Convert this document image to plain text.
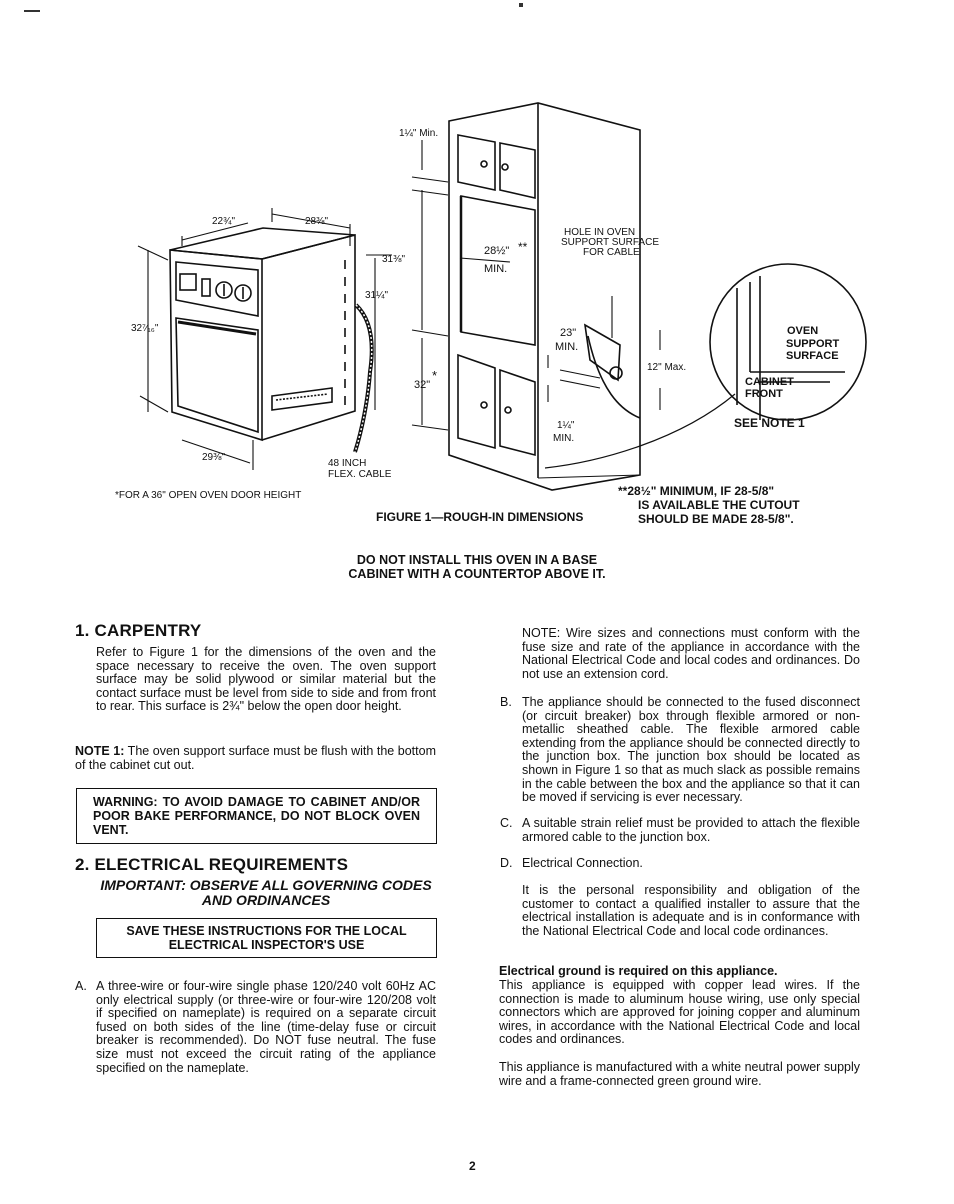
1¼" Min.
22¾"	28⅜"
31⅜"
31¼"
32⁷⁄₁₆"
29⅜"
28½" **
MIN.
23"
MIN.
32"
*
12" Max.
1¼"
MIN.
HOLE IN OVEN
SUPPORT SURFACE
FOR CABLE
OVEN
SUPPORT
SURFACE
CABINET
FRONT
SEE NOTE 1
48 INCH
FLEX. CABLE
*FOR A 36" OPEN OVEN DOOR HEIGHT	**28½" MINIMUM, IF 28-5/8"
IS AVAILABLE THE CUTOUT
SHOULD BE MADE 28-5/8".
FIGURE 1—ROUGH-IN DIMENSIONS
DO NOT INSTALL THIS OVEN IN A BASE
CABINET WITH A COUNTERTOP ABOVE IT.
1. CARPENTRY
Refer to Figure 1 for the dimensions of the oven and the space necessary to receive the oven. The oven support surface may be solid plywood or similar material but the contact surface must be level from side to side and from front to rear. This surface is 2¾" below the open door height.
NOTE 1: The oven support surface must be flush with the bottom of the cabinet cut out.
WARNING: TO AVOID DAMAGE TO CABINET AND/OR POOR BAKE PERFORMANCE, DO NOT BLOCK OVEN VENT.
2. ELECTRICAL REQUIREMENTS
IMPORTANT: OBSERVE ALL GOVERNING CODES
AND ORDINANCES
SAVE THESE INSTRUCTIONS FOR THE LOCAL ELECTRICAL INSPECTOR'S USE
A. A three-wire or four-wire single phase 120/240 volt 60Hz AC only electrical supply (or three-wire or four-wire 120/208 volt if specified on nameplate) is required on a separate circuit fused on both sides of the line (time-delay fuse or circuit breaker is recommended). Do NOT fuse neutral. The fuse size must not exceed the circuit rating of the appliance specified on the nameplate.
NOTE: Wire sizes and connections must conform with the fuse size and rate of the appliance in accordance with the National Electrical Code and local codes and ordinances. Do not use an extension cord.
B. The appliance should be connected to the fused disconnect (or circuit breaker) box through flexible armored or non-metallic sheathed cable. The flexible armored cable extending from the appliance should be connected directly to the junction box. The junction box should be located as shown in Figure 1 so that as much slack as possible remains in the cable between the box and the appliance so that it can be moved if servicing is ever necessary.
C. A suitable strain relief must be provided to attach the flexible armored cable to the junction box.
D. Electrical Connection.
It is the personal responsibility and obligation of the customer to contact a qualified installer to assure that the electrical installation is adequate and is in conformance with the National Electrical Code and local code ordinances.
Electrical ground is required on this appliance.
This appliance is equipped with copper lead wires. If the connection is made to aluminum house wiring, use only special connectors which are approved for joining copper and aluminum wires, in accordance with the National Electrical Code and local codes and ordinances.
This appliance is manufactured with a white neutral power supply wire and a frame-connected green ground wire.
2
